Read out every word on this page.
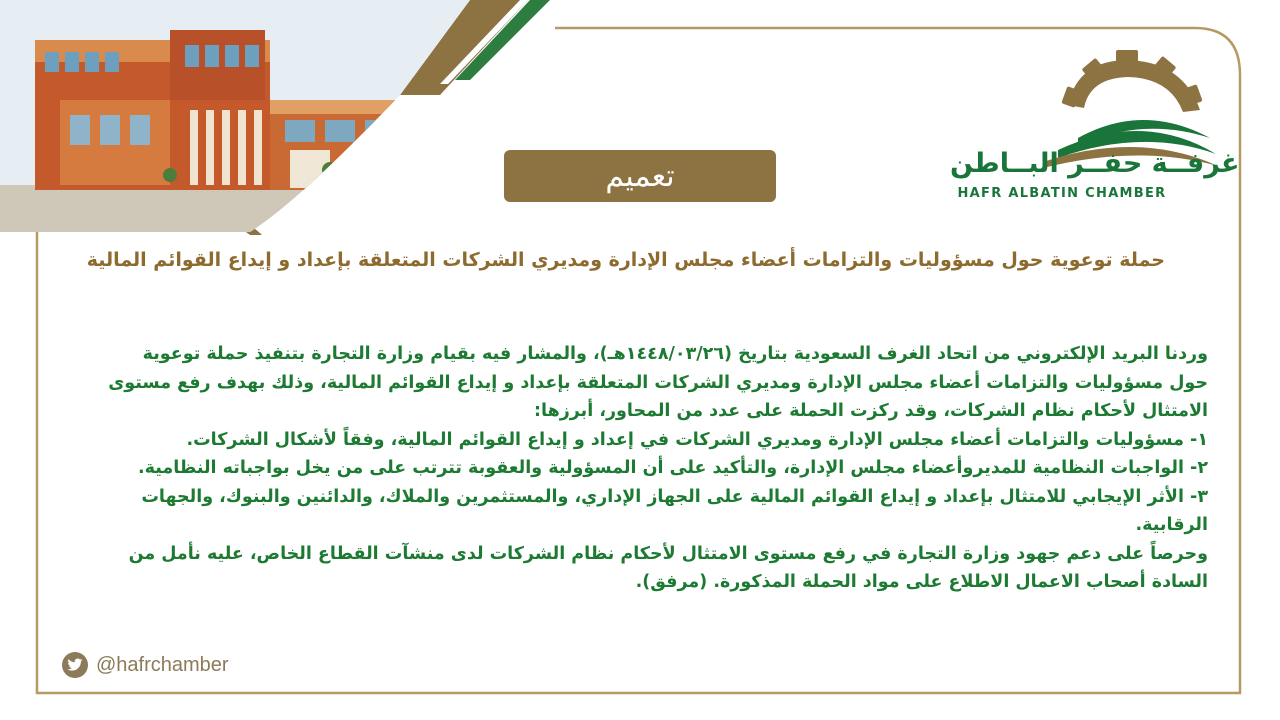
غرفــة حفــر البــاطن
HAFR ALBATIN CHAMBER
تعميم
حملة توعوية حول مسؤوليات والتزامات أعضاء مجلس الإدارة ومديري الشركات المتعلقة بإعداد و إيداع القوائم المالية

وردنا البريد الإلكتروني من اتحاد الغرف السعودية بتاريخ (١٤٤٨/٠٣/٢٦هـ)، والمشار فيه بقيام وزارة التجارة بتنفيذ حملة توعوية

حول مسؤوليات والتزامات أعضاء مجلس الإدارة ومديري الشركات المتعلقة بإعداد و إيداع القوائم المالية، وذلك بهدف رفع مستوى

الامتثال لأحكام نظام الشركات، وقد ركزت الحملة على عدد من المحاور، أبرزها:

١- مسؤوليات والتزامات أعضاء مجلس الإدارة ومديري الشركات في إعداد و إيداع القوائم المالية، وفقاً لأشكال الشركات.

٢- الواجبات النظامية للمديروأعضاء مجلس الإدارة، والتأكيد على أن المسؤولية والعقوبة تترتب على من يخل بواجباته النظامية.

٣- الأثر الإيجابي للامتثال بإعداد و إيداع القوائم المالية على الجهاز الإداري، والمستثمرين والملاك، والدائنين والبنوك، والجهات

الرقابية.

وحرصاً على دعم جهود وزارة التجارة في رفع مستوى الامتثال لأحكام نظام الشركات لدى منشآت القطاع الخاص، عليه نأمل من

السادة أصحاب الاعمال الاطلاع على مواد الحملة المذكورة. (مرفق).

@hafrchamber
